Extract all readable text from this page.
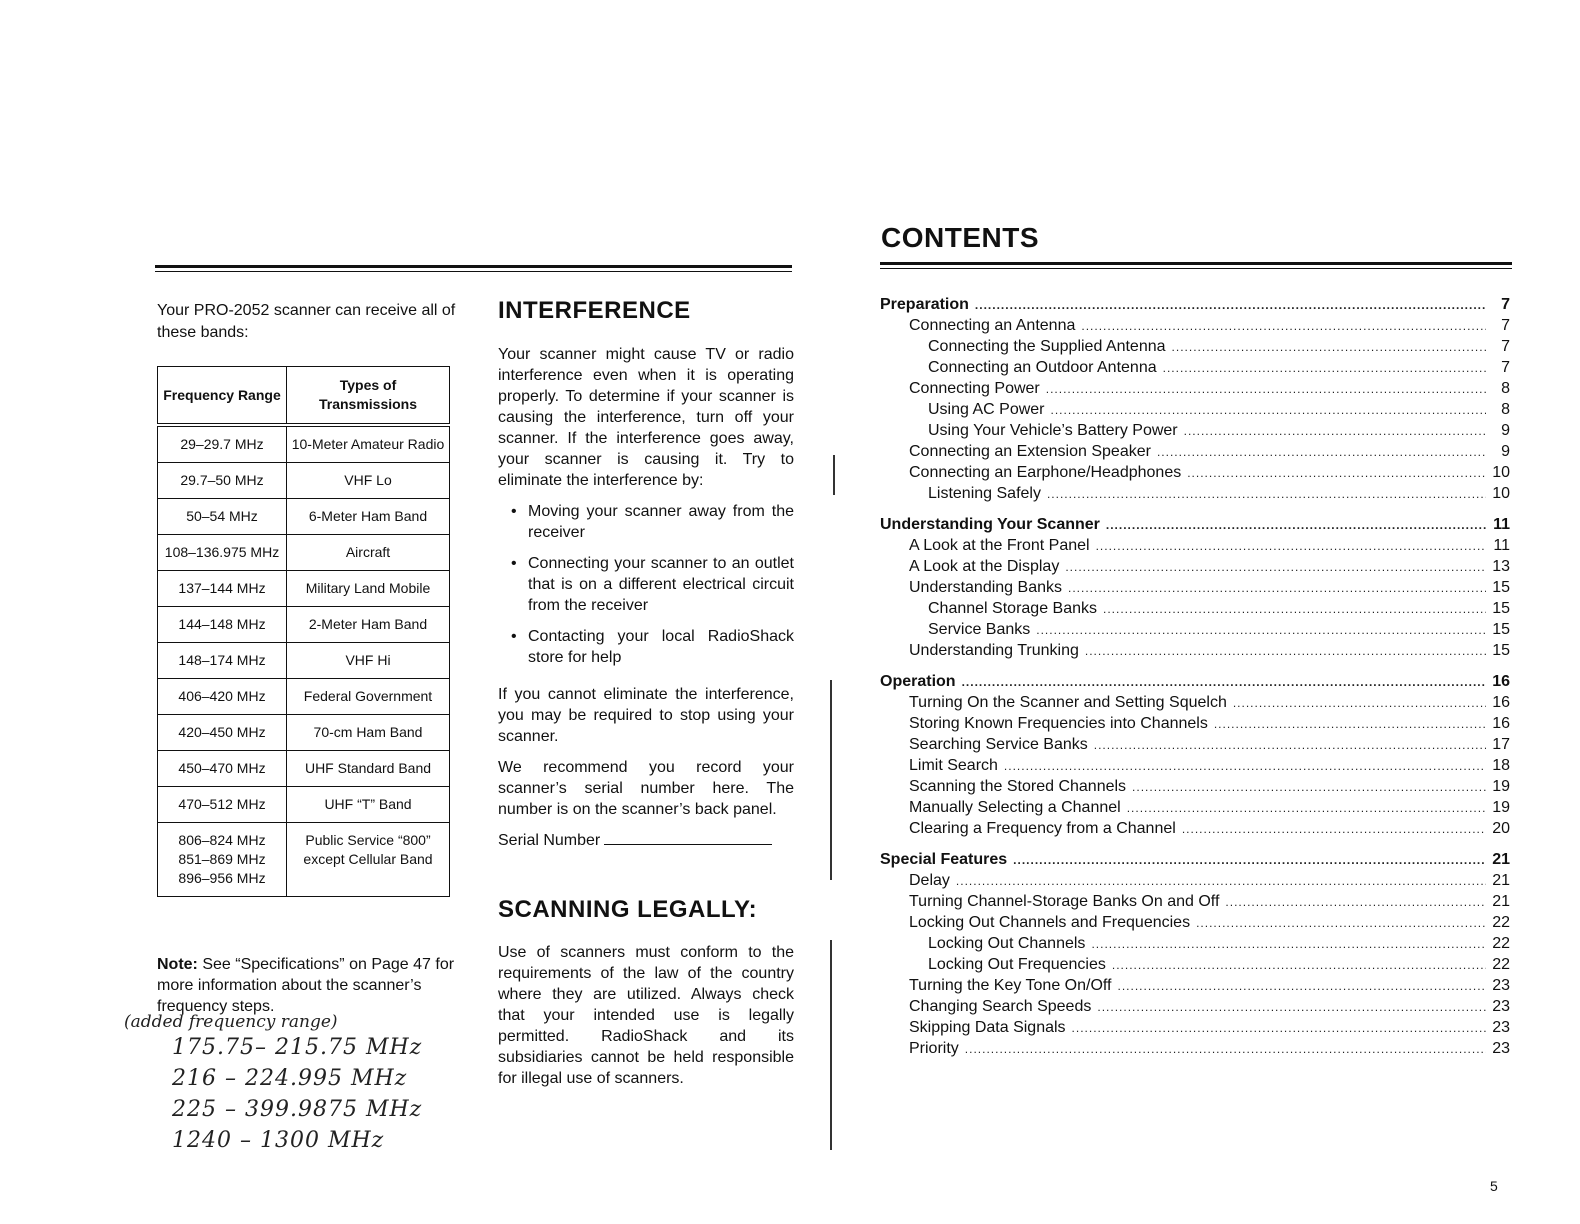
Your PRO-2052 scanner can receive all of these bands:
Frequency Range	Types of Transmissions
29–29.7 MHz	10-Meter Amateur Radio
29.7–50 MHz	VHF Lo
50–54 MHz	6-Meter Ham Band
108–136.975 MHz	Aircraft
137–144 MHz	Military Land Mobile
144–148 MHz	2-Meter Ham Band
148–174 MHz	VHF Hi
406–420 MHz	Federal Government
420–450 MHz	70-cm Ham Band
450–470 MHz	UHF Standard Band
470–512 MHz	UHF “T” Band
806–824 MHz
851–869 MHz
896–956 MHz	Public Service “800” except Cellular Band
Note: See “Specifications” on Page 47 for more information about the scanner’s frequency steps.
(added frequency range)
175.75– 215.75 MHz
216 – 224.995 MHz
225 – 399.9875 MHz
1240 – 1300 MHz
INTERFERENCE

Your scanner might cause TV or radio interference even when it is operating properly. To determine if your scanner is causing the interference, turn off your scanner. If the interference goes away, your scanner is causing it. Try to eliminate the interference by:

• Moving your scanner away from the receiver
• Connecting your scanner to an outlet that is on a different electrical circuit from the receiver
• Contacting your local RadioShack store for help

If you cannot eliminate the interference, you may be required to stop using your scanner.

We recommend you record your scanner’s serial number here. The number is on the scanner’s back panel.

Serial Number

SCANNING LEGALLY:

Use of scanners must conform to the requirements of the law of the country where they are utilized. Always check that your intended use is legally permitted. RadioShack and its subsidiaries cannot be held responsible for illegal use of scanners.

CONTENTS
Preparation .....	7
Connecting an Antenna .....	7
Connecting the Supplied Antenna .....	7
Connecting an Outdoor Antenna .....	7
Connecting Power .....	8
Using AC Power .....	8
Using Your Vehicle’s Battery Power .....	9
Connecting an Extension Speaker .....	9
Connecting an Earphone/Headphones .....	10
Listening Safely .....	10
Understanding Your Scanner .....	11
A Look at the Front Panel .....	11
A Look at the Display .....	13
Understanding Banks .....	15
Channel Storage Banks .....	15
Service Banks .....	15
Understanding Trunking .....	15
Operation .....	16
Turning On the Scanner and Setting Squelch .....	16
Storing Known Frequencies into Channels .....	16
Searching Service Banks .....	17
Limit Search .....	18
Scanning the Stored Channels .....	19
Manually Selecting a Channel .....	19
Clearing a Frequency from a Channel .....	20
Special Features .....	21
Delay .....	21
Turning Channel-Storage Banks On and Off .....	21
Locking Out Channels and Frequencies .....	22
Locking Out Channels .....	22
Locking Out Frequencies .....	22
Turning the Key Tone On/Off .....	23
Changing Search Speeds .....	23
Skipping Data Signals .....	23
Priority .....	23
5
